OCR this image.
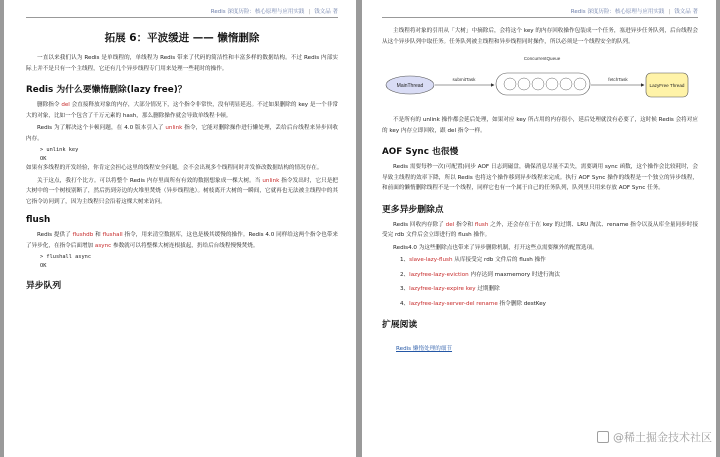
Redis 深度历险：核心原理与应用实践 | 钱文品 著
拓展 6：平波缓进 —— 懒惰删除

一直以来我们认为 Redis 是单线程的，单线程为 Redis 带来了代码的简洁性和丰富多样的数据结构。不过 Redis 内部实际上并不是只有一个主线程，它还有几个异步线程专门用来处理一些耗时的操作。

Redis 为什么要懒惰删除(lazy free)？

删除指令 del 会直接释放对象的内存，大部分情况下，这个指令非常快，没有明显延迟。不过如果删除的 key 是一个非常大的对象，比如一个包含了千万元素的 hash，那么删除操作就会导致单线程卡顿。

Redis 为了解决这个卡顿问题，在 4.0 版本引入了 unlink 指令，它能对删除操作进行懒处理，丢给后台线程来异步回收内存。

> unlink key
OK

如果有多线程的开发经验，你肯定会担心这里的线程安全问题，会不会出现多个线程同时并发修改数据结构的情况存在。

关于这点，我打个比方。可以将整个 Redis 内存里面所有有效的数据想象成一棵大树。当 unlink 指令发出时，它只是把大树中的一个树枝别断了，然后扔到旁边的火堆里焚烧（异步线程池）。树枝离开大树的一瞬间，它就再也无法被主线程中的其它指令访问到了，因为主线程只会沿着这棵大树来访问。

flush

Redis 提供了 flushdb 和 flushall 指令，用来清空数据库，这也是极其缓慢的操作。Redis 4.0 同样给这两个指令也带来了异步化，在指令后面增加 async 参数就可以将整棵大树连根拔起，扔给后台线程慢慢焚烧。

> flushall async
OK
异步队列
Redis 深度历险：核心原理与应用实践 | 钱文品 著

主线程将对象的引用从「大树」中摘除后，会将这个 key 的内存回收操作包装成一个任务，塞进异步任务队列，后台线程会从这个异步队列中取任务。任务队列被主线程和异步线程同时操作，所以必须是一个线程安全的队列。

MainThread
submitTask
ConcurrentQueue
fetchTask
LazyFree Thread

不是所有的 unlink 操作都会延后处理，如果对应 key 所占用的内存很小，延后处理就没有必要了，这时候 Redis 会将对应的 key 内存立即回收，跟 del 指令一样。

AOF Sync 也很慢

Redis 需要每秒一次(可配置)同步 AOF 日志到磁盘，确保消息尽量不丢失，需要调用 sync 函数，这个操作会比较耗时，会导致主线程的效率下降，所以 Redis 也将这个操作移到异步线程来完成。执行 AOF Sync 操作的线程是一个独立的异步线程，和前面的懒惰删除线程不是一个线程，同样它也有一个属于自己的任务队列，队列里只用来存放 AOF Sync 任务。

更多异步删除点

Redis 回收内存除了 del 指令和 flush 之外，还会存在于在 key 的过期、LRU 淘汰、rename 指令以及从库全量同步时接受完 rdb 文件后会立即进行的 flush 操作。

Redis4.0 为这些删除点也带来了异步删除机制，打开这些点需要额外的配置选项。

1、slave-lazy-flush 从库接受完 rdb 文件后的 flush 操作
2、lazyfree-lazy-eviction 内存达到 maxmemory 时进行淘汰
3、lazyfree-lazy-expire key 过期删除
4、lazyfree-lazy-server-del rename 指令删除 destKey
扩展阅读
Redis 懒惰处理的细节
@稀土掘金技术社区
